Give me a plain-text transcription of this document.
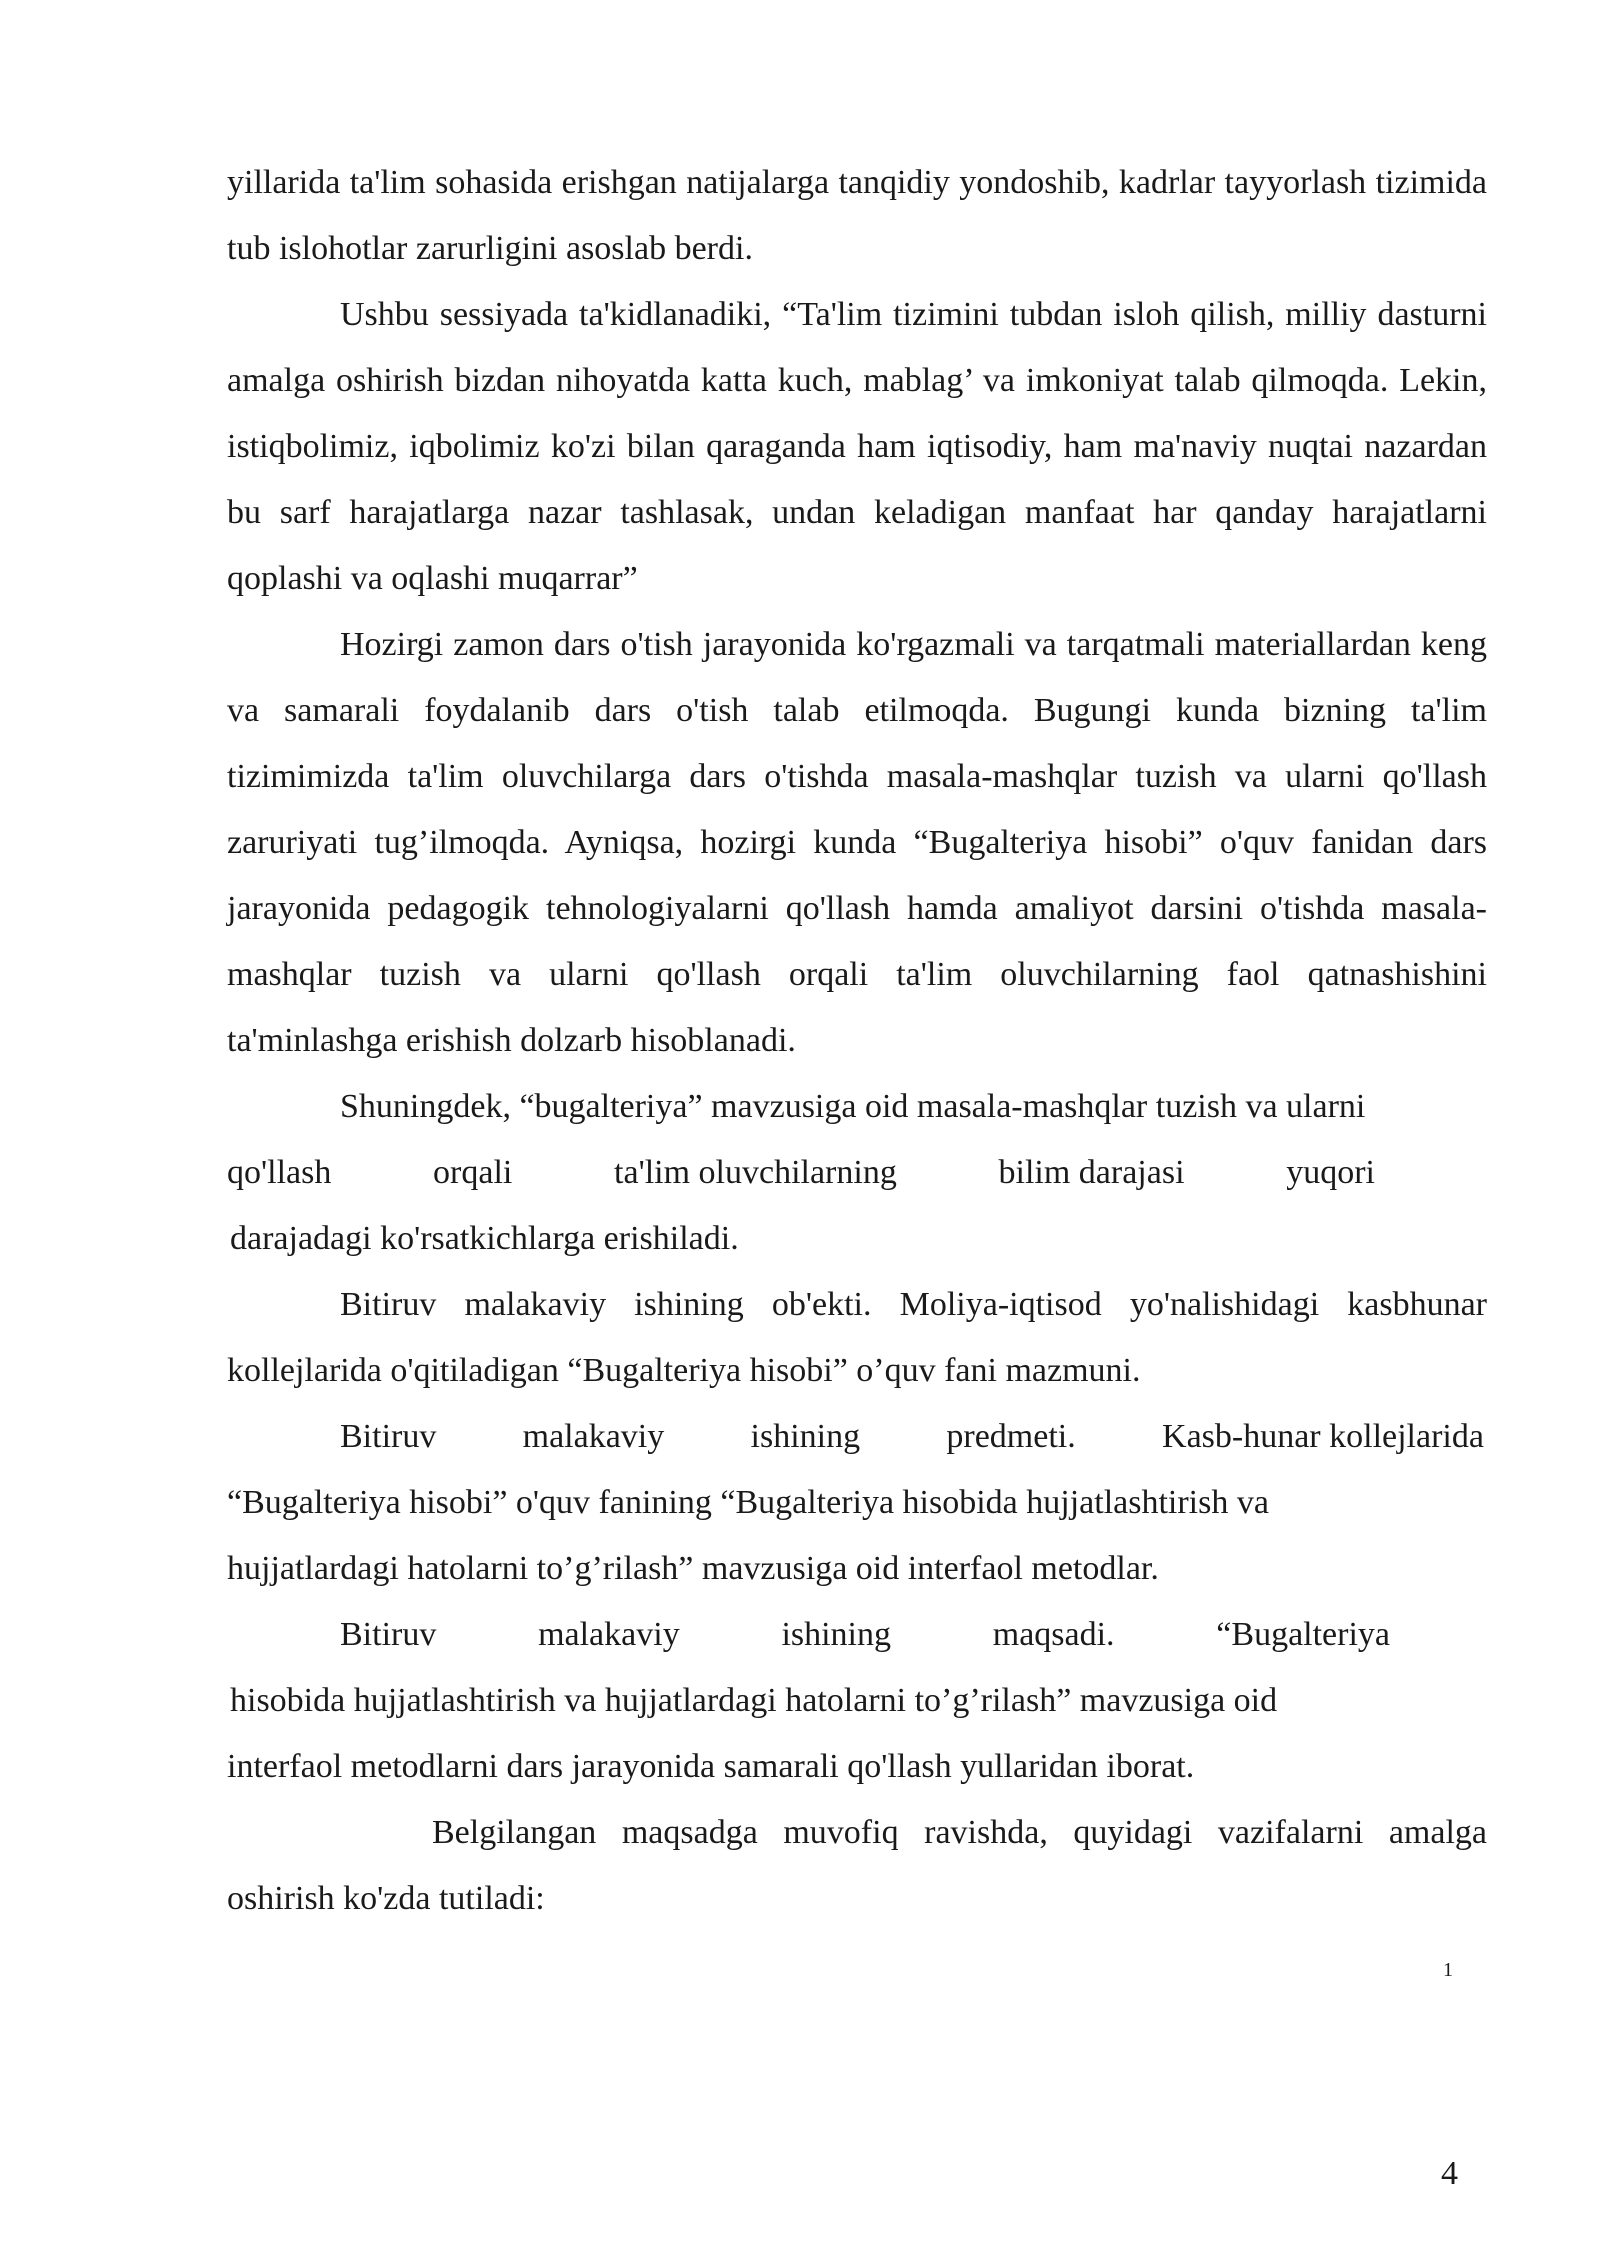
yillarida ta'lim sohasida erishgan natijalarga tanqidiy yondoshib, kadrlar tayyorlash tizimida tub islohotlar zarurligini asoslab berdi.

Ushbu sessiyada ta'kidlanadiki, “Ta'lim tizimini tubdan isloh qilish, milliy dasturni amalga oshirish bizdan nihoyatda katta kuch, mablag’ va imkoniyat talab qilmoqda. Lekin, istiqbolimiz, iqbolimiz ko'zi bilan qaraganda ham iqtisodiy, ham ma'naviy nuqtai nazardan bu sarf harajatlarga nazar tashlasak, undan keladigan manfaat har qanday harajatlarni qoplashi va oqlashi muqarrar”

Hozirgi zamon dars o'tish jarayonida ko'rgazmali va tarqatmali materiallardan keng va samarali foydalanib dars o'tish talab etilmoqda. Bugungi kunda bizning ta'lim tizimimizda ta'lim oluvchilarga dars o'tishda masala-mashqlar tuzish va ularni qo'llash zaruriyati tug’ilmoqda. Ayniqsa, hozirgi kunda “Bugalteriya hisobi” o'quv fanidan dars jarayonida pedagogik tehnologiyalarni qo'llash hamda amaliyot darsini o'tishda masala-mashqlar tuzish va ularni qo'llash orqali ta'lim oluvchilarning faol qatnashishini ta'minlashga erishish dolzarb hisoblanadi.

Shuningdek, “bugalteriya” mavzusiga oid masala-mashqlar tuzish va ularni

qo'llash	orqali	ta'lim oluvchilarning	bilim darajasi	yuqori

darajadagi ko'rsatkichlarga erishiladi.

Bitiruv malakaviy ishining ob'ekti. Moliya-iqtisod yo'nalishidagi kasbhunar kollejlarida o'qitiladigan “Bugalteriya hisobi” o’quv fani mazmuni.

Bitiruv	malakaviy	ishining	predmeti.	Kasb-hunar kollejlarida

“Bugalteriya hisobi” o'quv fanining “Bugalteriya hisobida hujjatlashtirish va

hujjatlardagi hatolarni to’g’rilash” mavzusiga oid interfaol metodlar.

Bitiruv	malakaviy	ishining	maqsadi.	“Bugalteriya

hisobida hujjatlashtirish va hujjatlardagi hatolarni to’g’rilash” mavzusiga oid

interfaol metodlarni dars jarayonida samarali qo'llash yullaridan iborat.

Belgilangan maqsadga muvofiq ravishda, quyidagi vazifalarni amalga oshirish ko'zda tutiladi:

1
4
